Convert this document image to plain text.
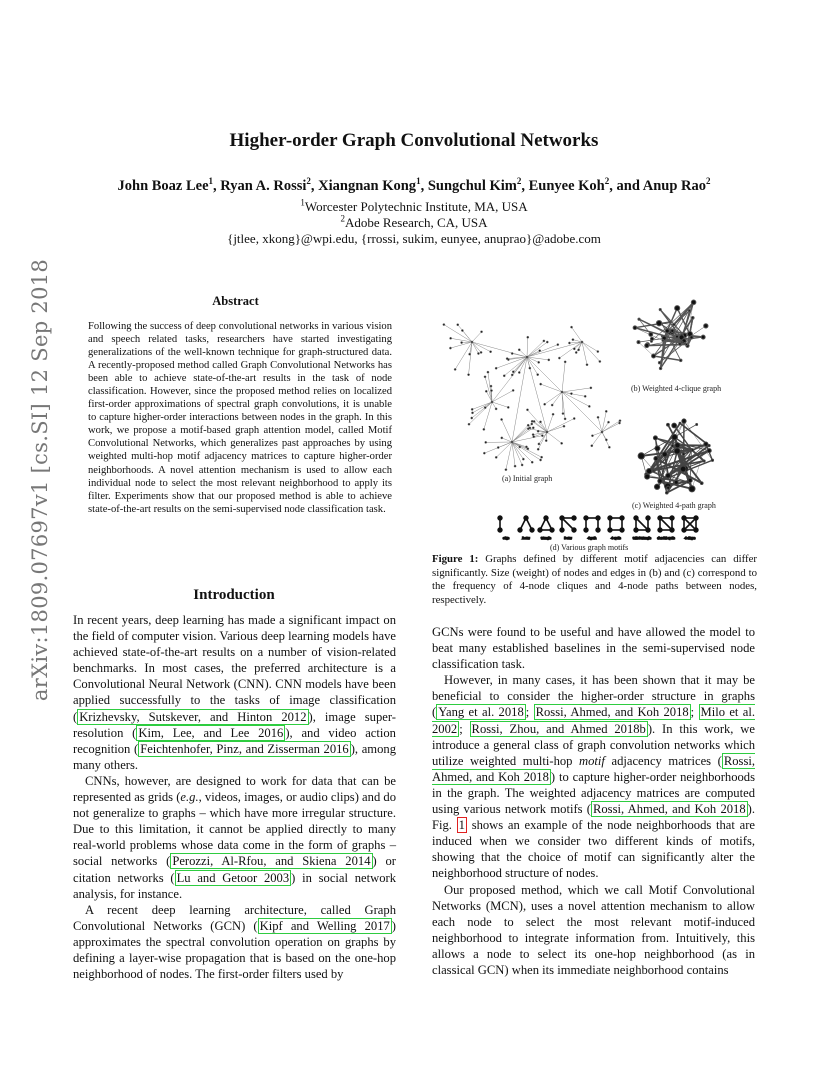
Higher-order Graph Convolutional Networks
John Boaz Lee$^1$, Ryan A. Rossi$^2$, Xiangnan Kong$^1$, Sungchul Kim$^2$, Eunyee Koh$^2$, and Anup Rao$^2$
$^1$Worcester Polytechnic Institute, MA, USA
$^2$Adobe Research, CA, USA
{jtlee, xkong}@wpi.edu, {rrossi, sukim, eunyee, anuprao}@adobe.com
arXiv:1809.07697v1 [cs.SI] 12 Sep 2018	Abstract
Following the success of deep convolutional networks in various vision and speech related tasks, researchers have started investigating generalizations of the well-known technique for graph-structured data. A recently-proposed method called Graph Convolutional Networks has been able to achieve state-of-the-art results in the task of node classification. However, since the proposed method relies on localized first-order approximations of spectral graph convolutions, it is unable to capture higher-order interactions between nodes in the graph. In this work, we propose a motif-based graph attention model, called Motif Convolutional Networks, which generalizes past approaches by using weighted multi-hop motif adjacency matrices to capture higher-order neighborhoods. A novel attention mechanism is used to allow each individual node to select the most relevant neighborhood to apply its filter. Experiments show that our proposed method is able to achieve state-of-the-art results on the semi-supervised node classification task.
Introduction

In recent years, deep learning has made a significant impact on the field of computer vision. Various deep learning models have achieved state-of-the-art results on a number of vision-related benchmarks. In most cases, the preferred architecture is a Convolutional Neural Network (CNN). CNN models have been applied successfully to the tasks of image classification ( Krizhevsky, Sutskever, and Hinton 2012 ), image super-resolution ( Kim, Lee, and Lee 2016 ), and video action recognition ( Feichtenhofer, Pinz, and Zisserman 2016 ), among many others.

CNNs, however, are designed to work for data that can be represented as grids (e.g., videos, images, or audio clips) and do not generalize to graphs – which have more irregular structure. Due to this limitation, it cannot be applied directly to many real-world problems whose data come in the form of graphs – social networks ( Perozzi, Al-Rfou, and Skiena 2014 ) or citation networks ( Lu and Getoor 2003 ) in social network analysis, for instance.

A recent deep learning architecture, called Graph Convolutional Networks (GCN) ( Kipf and Welling 2017 ) approximates the spectral convolution operation on graphs by defining a layer-wise propagation that is based on the one-hop neighborhood of nodes. The first-order filters used by

(a) Initial graph
(b) Weighted 4-clique graph
(c) Weighted 4-path graph
edge	2-star	triangle	3-star	4-path	4-cycle	tailed-triangle chordal-cycle	4-clique
(d) Various graph motifs
Figure 1: Graphs defined by different motif adjacencies can differ significantly. Size (weight) of nodes and edges in (b) and (c) correspond to the frequency of 4-node cliques and 4-node paths between nodes, respectively.

GCNs were found to be useful and have allowed the model to beat many established baselines in the semi-supervised node classification task.

However, in many cases, it has been shown that it may be beneficial to consider the higher-order structure in graphs ( Yang et al. 2018 ; Rossi, Ahmed, and Koh 2018 ; Milo et al. 2002 ; Rossi, Zhou, and Ahmed 2018b ). In this work, we introduce a general class of graph convolution networks which utilize weighted multi-hop motif adjacency matrices ( Rossi, Ahmed, and Koh 2018 ) to capture higher-order neighborhoods in the graph. The weighted adjacency matrices are computed using various network motifs ( Rossi, Ahmed, and Koh 2018 ). Fig. 1 shows an example of the node neighborhoods that are induced when we consider two different kinds of motifs, showing that the choice of motif can significantly alter the neighborhood structure of nodes.

Our proposed method, which we call Motif Convolutional Networks (MCN), uses a novel attention mechanism to allow each node to select the most relevant motif-induced neighborhood to integrate information from. Intuitively, this allows a node to select its one-hop neighborhood (as in classical GCN) when its immediate neighborhood contains
